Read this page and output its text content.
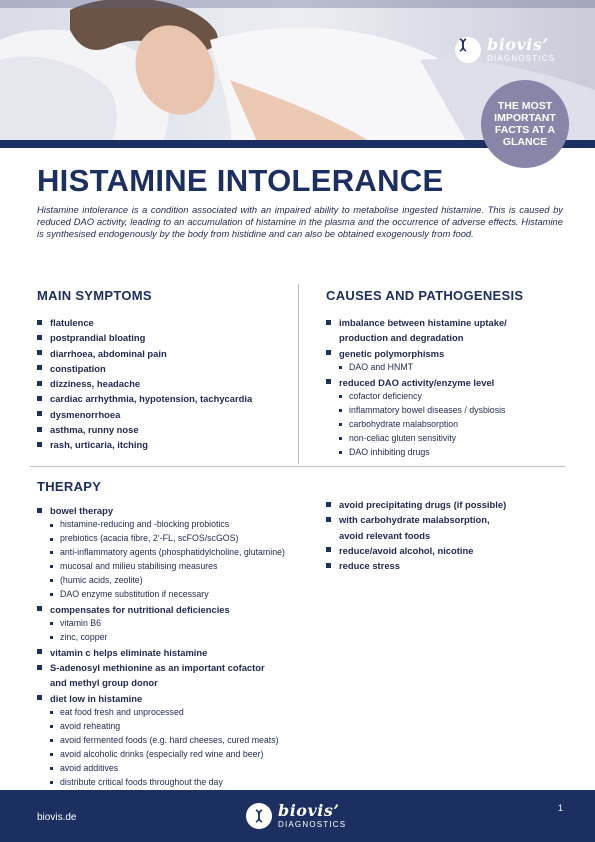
biovis’
DIAGNOSTICS
THE MOST IMPORTANT FACTS AT A GLANCE
HISTAMINE INTOLERANCE

Histamine intolerance is a condition associated with an impaired ability to metabolise ingested histamine. This is caused by reduced DAO activity, leading to an accumulation of histamine in the plasma and the occurrence of adverse effects. Histamine is synthesised endogenously by the body from histidine and can also be obtained exogenously from food.

MAIN SYMPTOMS
flatulence
postprandial bloating
diarrhoea, abdominal pain
constipation
dizziness, headache
cardiac arrhythmia, hypotension, tachycardia
dysmenorrhoea
asthma, runny nose
rash, urticaria, itching
CAUSES AND PATHOGENESIS
imbalance between histamine uptake/
production and degradation
genetic polymorphisms
DAO and HNMT
reduced DAO activity/enzyme level
cofactor deficiency
inflammatory bowel diseases / dysbiosis
carbohydrate malabsorption
non-celiac gluten sensitivity
DAO inhibiting drugs
THERAPY
bowel therapy
histamine-reducing and -blocking probiotics
prebiotics (acacia fibre, 2’-FL, scFOS/scGOS)
anti-inflammatory agents (phosphatidylcholine, glutamine)
mucosal and milieu stabilising measures
(humic acids, zeolite)
DAO enzyme substitution if necessary
compensates for nutritional deficiencies
vitamin B6
zinc, copper
vitamin c helps eliminate histamine
S-adenosyl methionine as an important cofactor
and methyl group donor
diet low in histamine
eat food fresh and unprocessed
avoid reheating
avoid fermented foods (e.g. hard cheeses, cured meats)
avoid alcoholic drinks (especially red wine and beer)
avoid additives
distribute critical foods throughout the day
avoid precipitating drugs (if possible)
with carbohydrate malabsorption,
avoid relevant foods
reduce/avoid alcohol, nicotine
reduce stress
biovis.de	biovis’
DIAGNOSTICS
1
